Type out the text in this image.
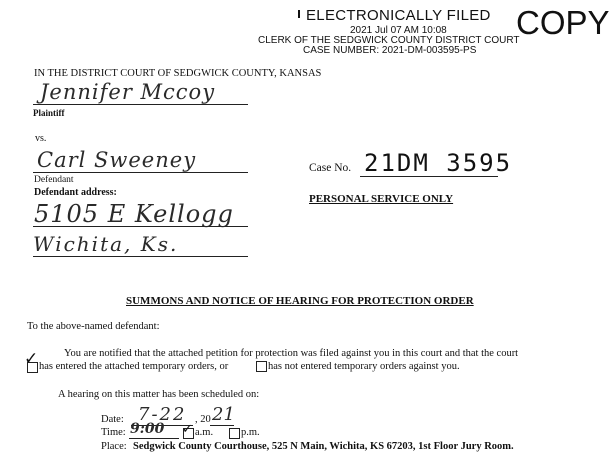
ELECTRONICALLY FILED
2021 Jul 07 AM 10:08
CLERK OF THE SEDGWICK COUNTY DISTRICT COURT
CASE NUMBER: 2021-DM-003595-PS
COPY
IN THE DISTRICT COURT OF SEDGWICK COUNTY, KANSAS
Jennifer Mccoy
Plaintiff
vs.
Carl Sweeney
Defendant
Defendant address:
5105 E Kellogg
Wichita, Ks.
Case No. 21DM 3595
PERSONAL SERVICE ONLY
SUMMONS AND NOTICE OF HEARING FOR PROTECTION ORDER
To the above-named defendant:
You are notified that the attached petition for protection was filed against you in this court and that the court
✓ has entered the attached temporary orders, or	has not entered temporary orders against you.
A hearing on this matter has been scheduled on:
Date: 7-22 , 20 21
Time: 9:00 ✓ a.m.	p.m.
Place: Sedgwick County Courthouse, 525 N Main, Wichita, KS 67203, 1st Floor Jury Room.
